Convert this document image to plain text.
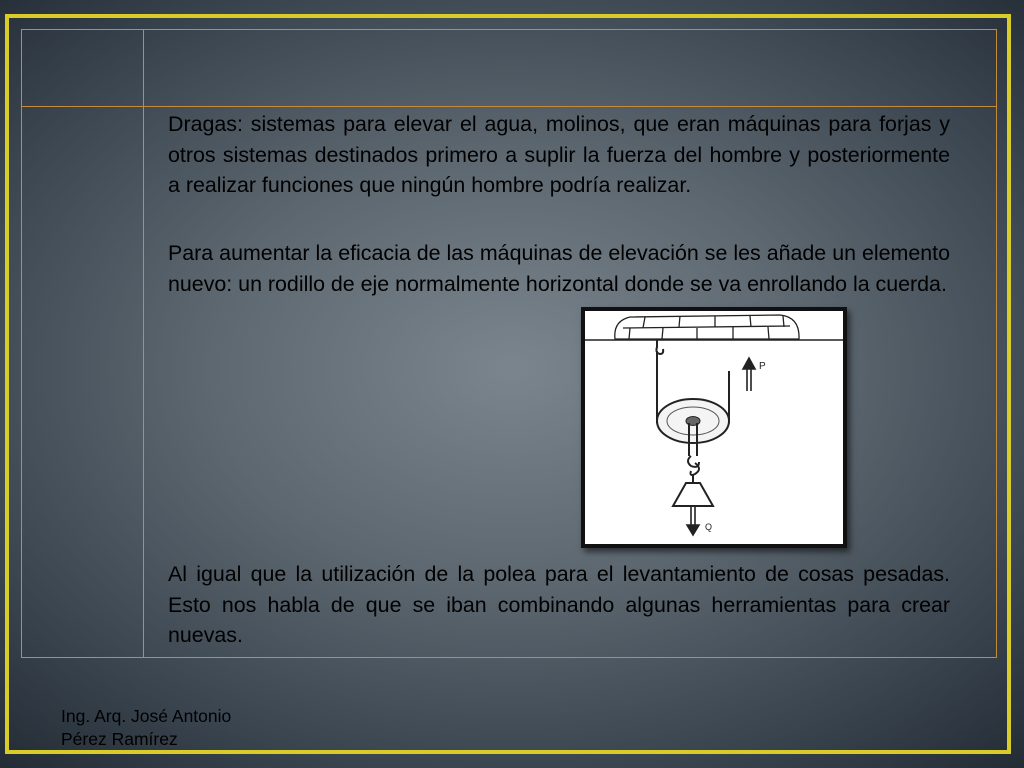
Dragas: sistemas para elevar el agua, molinos, que eran máquinas para forjas y otros sistemas destinados primero a suplir la fuerza del hombre y posteriormente a realizar funciones que ningún hombre podría realizar.

Para aumentar la eficacia de las máquinas de elevación se les añade un elemento nuevo: un rodillo de eje normalmente horizontal donde se va enrollando la cuerda.

Al igual que la utilización de la polea para el levantamiento de cosas pesadas. Esto nos habla de que se iban combinando algunas herramientas para crear nuevas.

P
Q
Ing. Arq. José Antonio
Pérez Ramírez
